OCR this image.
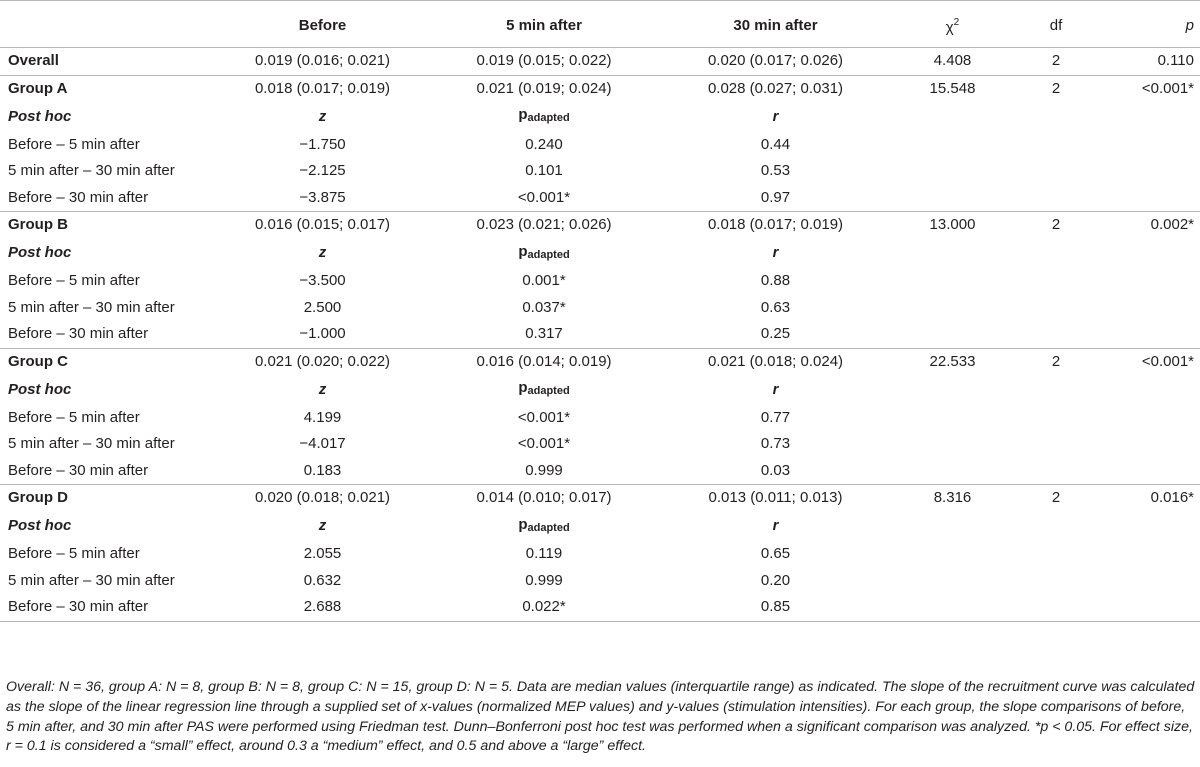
	Before	5 min after	30 min after	$\chi^2$	df	p
Overall	0.019 (0.016; 0.021)	0.019 (0.015; 0.022)	0.020 (0.017; 0.026)	4.408	2	0.110
Group A	0.018 (0.017; 0.019)	0.021 (0.019; 0.024)	0.028 (0.027; 0.031)	15.548	2	<0.001*
Post hoc	z	padapted	r			
Before – 5 min after	−1.750	0.240	0.44			
5 min after – 30 min after	−2.125	0.101	0.53			
Before – 30 min after	−3.875	<0.001*	0.97			
Group B	0.016 (0.015; 0.017)	0.023 (0.021; 0.026)	0.018 (0.017; 0.019)	13.000	2	0.002*
Post hoc	z	padapted	r			
Before – 5 min after	−3.500	0.001*	0.88			
5 min after – 30 min after	2.500	0.037*	0.63			
Before – 30 min after	−1.000	0.317	0.25			
Group C	0.021 (0.020; 0.022)	0.016 (0.014; 0.019)	0.021 (0.018; 0.024)	22.533	2	<0.001*
Post hoc	z	padapted	r			
Before – 5 min after	4.199	<0.001*	0.77			
5 min after – 30 min after	−4.017	<0.001*	0.73			
Before – 30 min after	0.183	0.999	0.03			
Group D	0.020 (0.018; 0.021)	0.014 (0.010; 0.017)	0.013 (0.011; 0.013)	8.316	2	0.016*
Post hoc	z	padapted	r			
Before – 5 min after	2.055	0.119	0.65			
5 min after – 30 min after	0.632	0.999	0.20			
Before – 30 min after	2.688	0.022*	0.85			
Overall: N = 36, group A: N = 8, group B: N = 8, group C: N = 15, group D: N = 5. Data are median values (interquartile range) as indicated. The slope of the recruitment curve was calculated as the slope of the linear regression line through a supplied set of x-values (normalized MEP values) and y-values (stimulation intensities). For each group, the slope comparisons of before, 5 min after, and 30 min after PAS were performed using Friedman test. Dunn–Bonferroni post hoc test was performed when a significant comparison was analyzed. *p < 0.05. For effect size, r = 0.1 is considered a “small” effect, around 0.3 a “medium” effect, and 0.5 and above a “large” effect.
